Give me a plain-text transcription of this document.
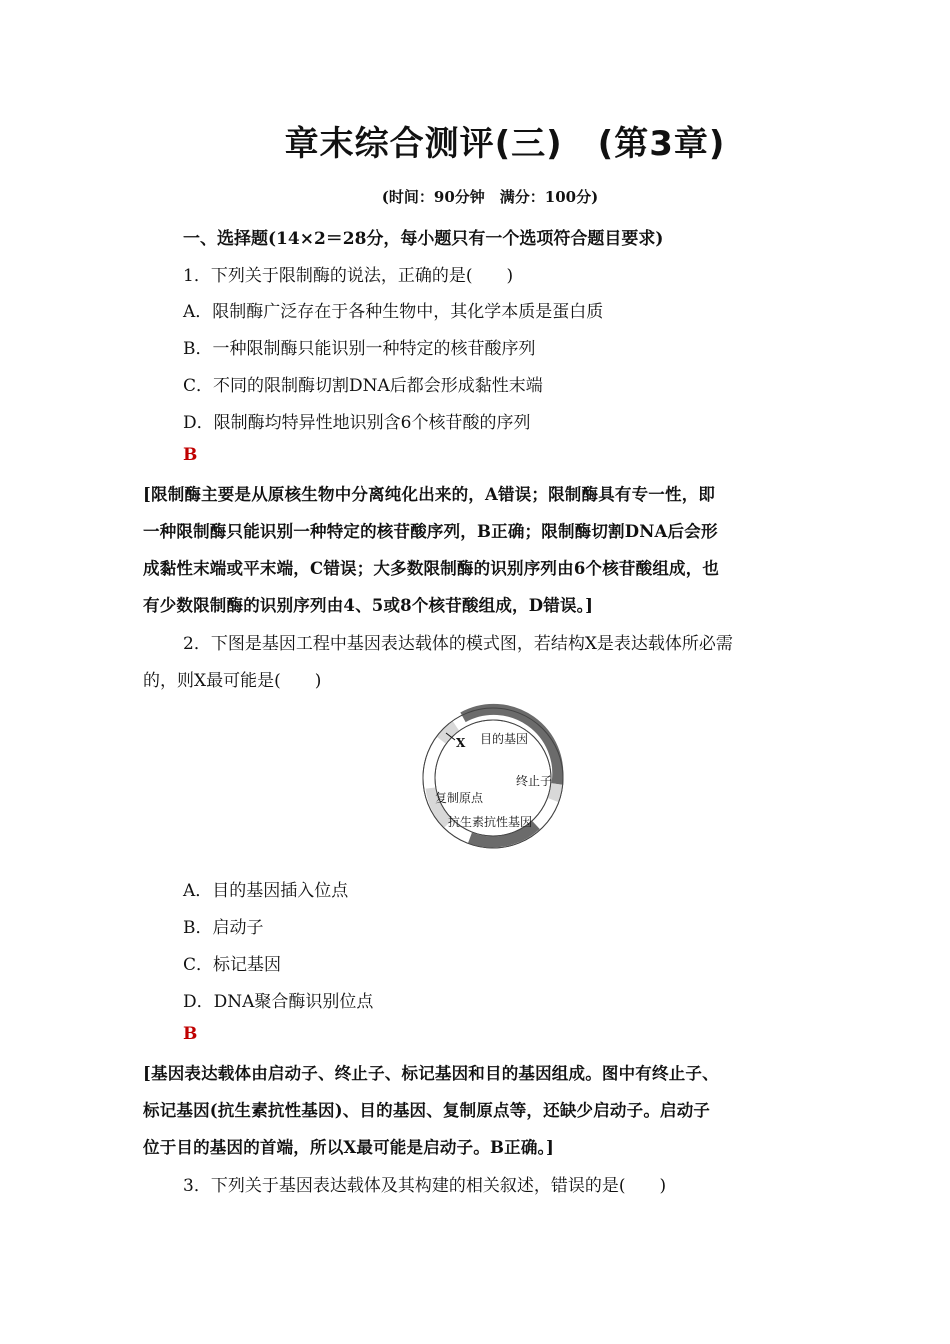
章末综合测评(三)　(第3章)
(时间：90分钟　满分：100分)
一、选择题(14×2＝28分，每小题只有一个选项符合题目要求)
1．下列关于限制酶的说法，正确的是(　　)
A．限制酶广泛存在于各种生物中，其化学本质是蛋白质
B．一种限制酶只能识别一种特定的核苷酸序列
C．不同的限制酶切割DNA后都会形成黏性末端
D．限制酶均特异性地识别含6个核苷酸的序列
B
[限制酶主要是从原核生物中分离纯化出来的，A错误；限制酶具有专一性，即
一种限制酶只能识别一种特定的核苷酸序列，B正确；限制酶切割DNA后会形
成黏性末端或平末端，C错误；大多数限制酶的识别序列由6个核苷酸组成，也
有少数限制酶的识别序列由4、5或8个核苷酸组成，D错误。]
2．下图是基因工程中基因表达载体的模式图，若结构X是表达载体所必需
的，则X最可能是(　　)
X 目的基因
终止子
复制原点
抗生素抗性基因
A．目的基因插入位点
B．启动子
C．标记基因
D．DNA聚合酶识别位点
B
[基因表达载体由启动子、终止子、标记基因和目的基因组成。图中有终止子、
标记基因(抗生素抗性基因)、目的基因、复制原点等，还缺少启动子。启动子
位于目的基因的首端，所以X最可能是启动子。B正确。]
3．下列关于基因表达载体及其构建的相关叙述，错误的是(　　)
